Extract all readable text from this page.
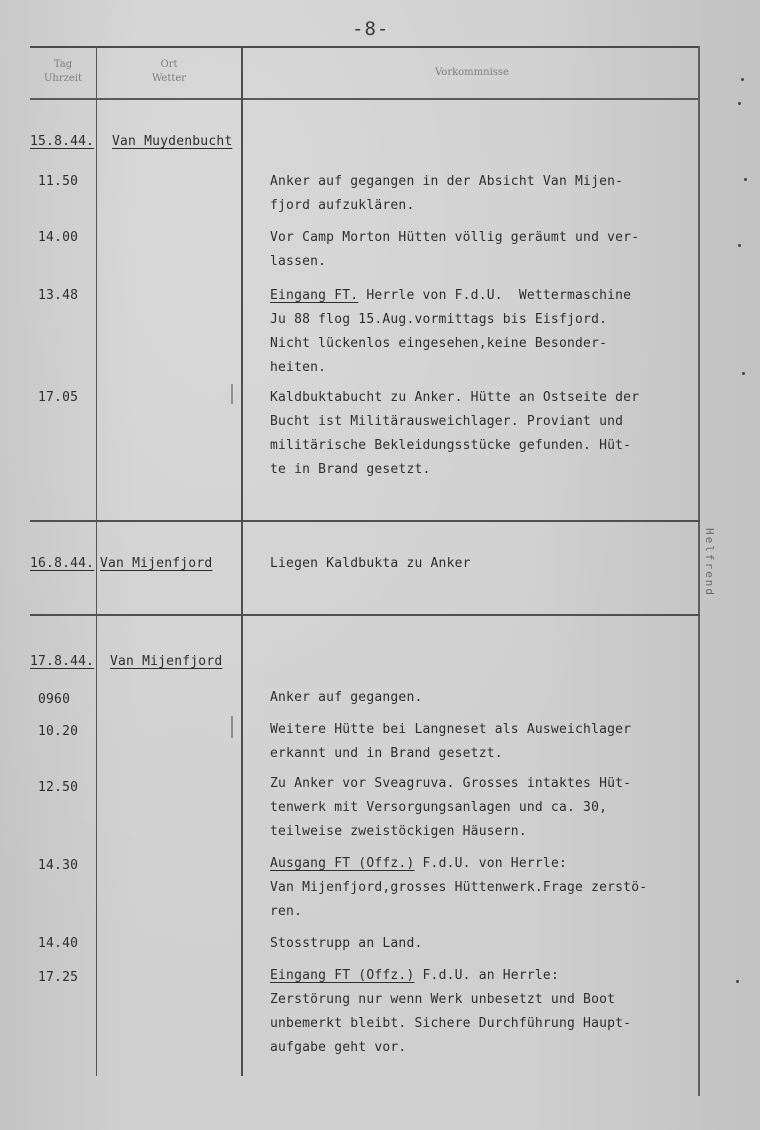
-8-
Tag
Uhrzeit
Ort
Wetter
Vorkommnisse
Helfrend
15.8.44. Van Muydenbucht
11.50	Anker auf gegangen in der Absicht Van Mijen-
fjord aufzuklären.
14.00	Vor Camp Morton Hütten völlig geräumt und ver-
lassen.
13.48	Eingang FT. Herrle von F.d.U.  Wettermaschine
Ju 88 flog 15.Aug.vormittags bis Eisfjord.
Nicht lückenlos eingesehen,keine Besonder-
heiten.
17.05	Kaldbuktabucht zu Anker. Hütte an Ostseite der
Bucht ist Militärausweichlager. Proviant und
militärische Bekleidungsstücke gefunden. Hüt-
te in Brand gesetzt.
16.8.44. Van Mijenfjord	Liegen Kaldbukta zu Anker
17.8.44. Van Mijenfjord
0960	Anker auf gegangen.
10.20	Weitere Hütte bei Langneset als Ausweichlager
erkannt und in Brand gesetzt.
12.50	Zu Anker vor Sveagruva. Grosses intaktes Hüt-
tenwerk mit Versorgungsanlagen und ca. 30,
teilweise zweistöckigen Häusern.
14.30	Ausgang FT (Offz.) F.d.U. von Herrle:
Van Mijenfjord,grosses Hüttenwerk.Frage zerstö-
ren.
14.40	Stosstrupp an Land.
17.25	Eingang FT (Offz.) F.d.U. an Herrle:
Zerstörung nur wenn Werk unbesetzt und Boot
unbemerkt bleibt. Sichere Durchführung Haupt-
aufgabe geht vor.
